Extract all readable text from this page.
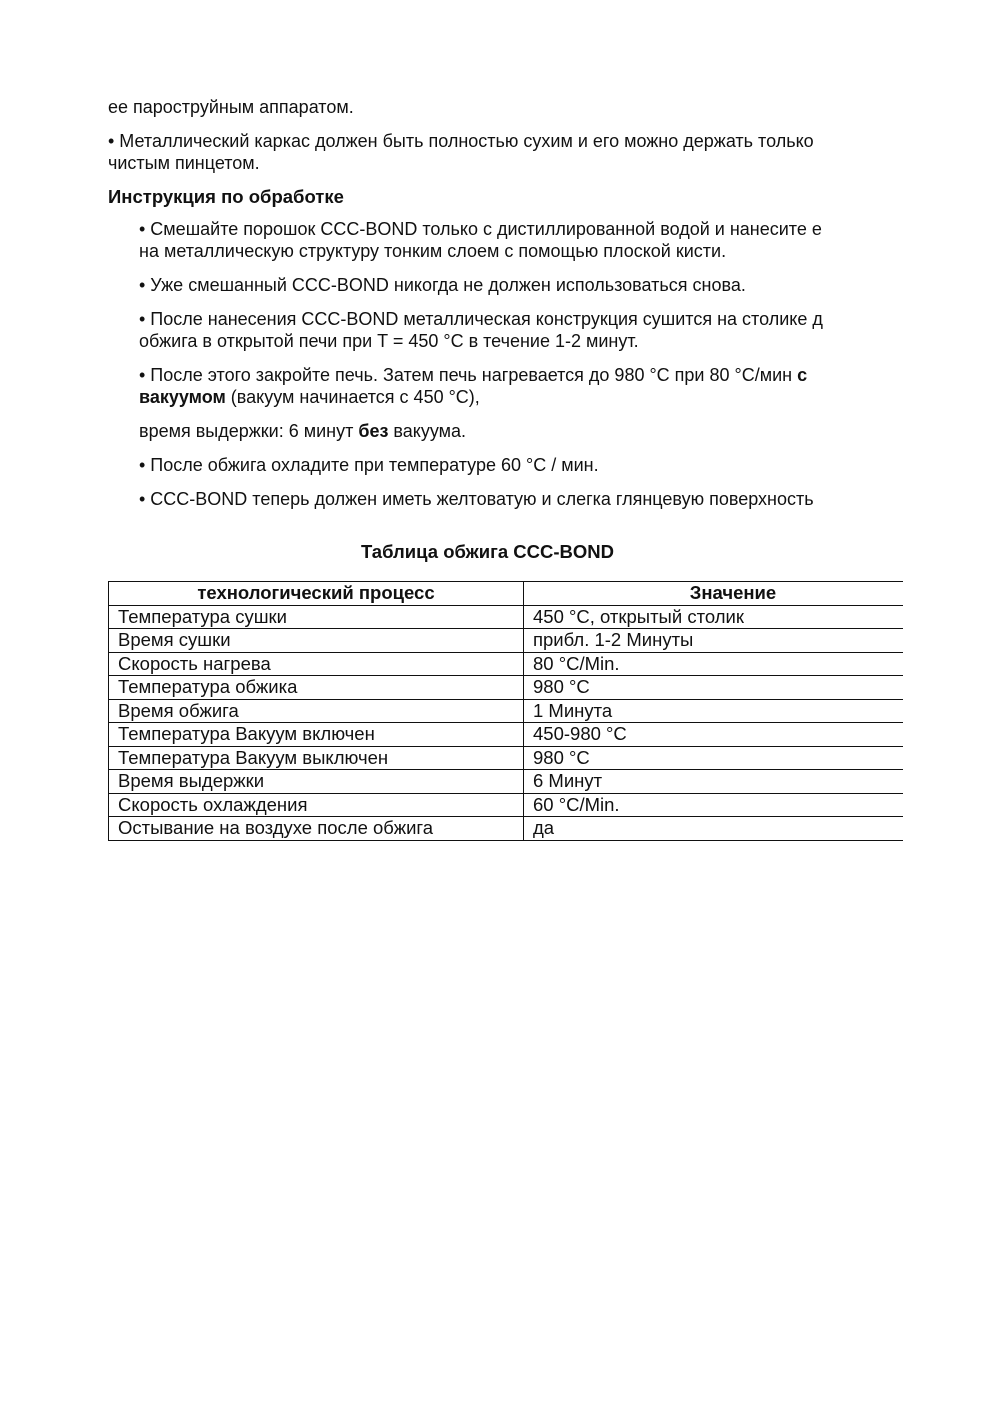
ее пароструйным аппаратом.
• Металлический каркас должен быть полностью сухим и его можно держать только
чистым пинцетом.
Инструкция по обработке
• Смешайте порошок CCC-BOND только с дистиллированной водой и нанесите е
на металлическую структуру тонким слоем с помощью плоской кисти.
• Уже смешанный CCC-BOND никогда не должен использоваться снова.
• После нанесения CCC-BOND металлическая конструкция сушится на столике д
обжига в открытой печи при T = 450 °C в течение 1-2 минут.
• После этого закройте печь. Затем печь нагревается до 980 °C при 80 °C/мин с
вакуумом (вакуум начинается с 450 °C),
время выдержки: 6 минут без вакуума.
• После обжига охладите при температуре 60 °C / мин.
• CCC-BOND теперь должен иметь желтоватую и слегка глянцевую поверхность
Таблица обжига CCC-BOND
технологический процесс	Значение
Температура сушки	450 °C, открытый столик
Время сушки	прибл. 1-2 Минуты
Скорость нагрева	80 °C/Min.
Температура обжика	980 °C
Время обжига	1 Минута
Температура Вакуум включен	450-980 °C
Температура Вакуум выключен	980 °C
Время выдержки	6 Минут
Скорость охлаждения	60 °C/Min.
Остывание на воздухе после обжига	да
